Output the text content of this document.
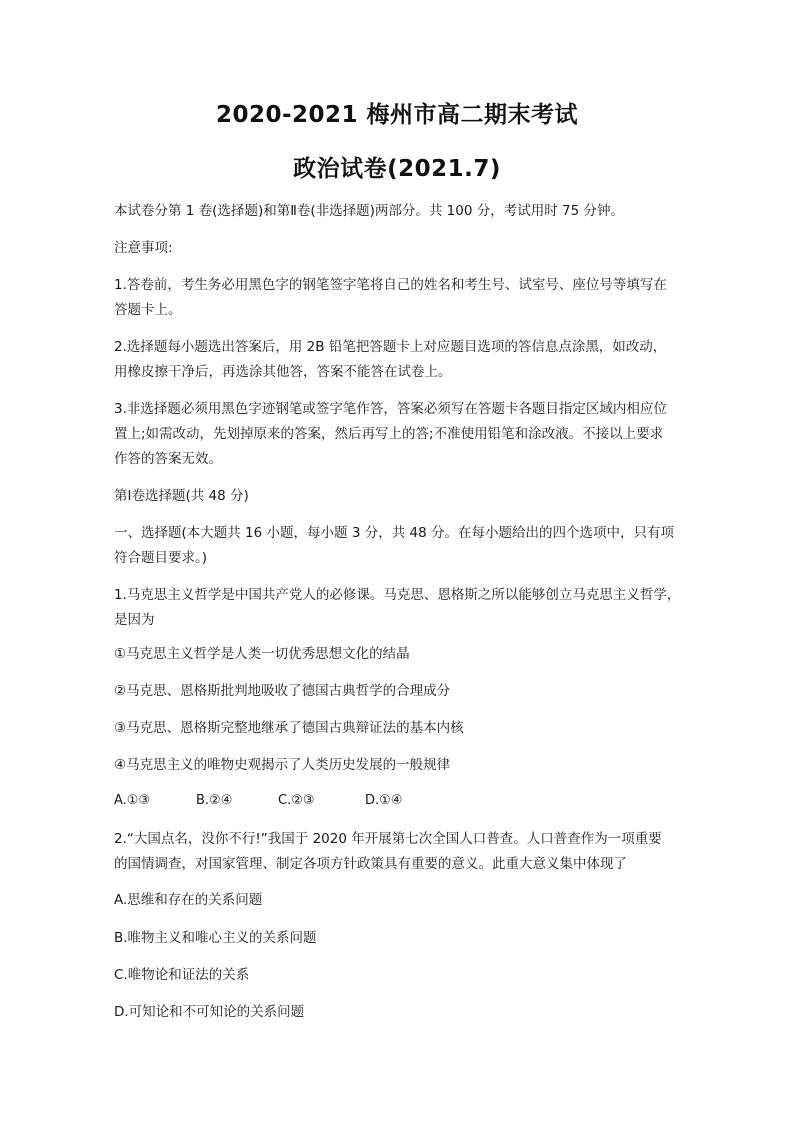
2020-2021 梅州市高二期末考试
政治试卷(2021.7)
本试卷分第 1 卷(选择题)和第Ⅱ卷(非选择题)两部分。共 100 分，考试用时 75 分钟。
注意事项:
1.答卷前，考生务必用黑色字的钢笔签字笔将自己的姓名和考生号、试室号、座位号等填写在
答题卡上。
2.选择题每小题选出答案后，用 2B 铅笔把答题卡上对应题目选项的答信息点涂黑，如改动，
用橡皮擦干净后，再选涂其他答，答案不能答在试卷上。
3.非选择题必须用黑色字迹钢笔或签字笔作答，答案必须写在答题卡各题目指定区域内相应位
置上;如需改动，先划掉原来的答案，然后再写上的答;不准使用铅笔和涂改液。不接以上要求
作答的答案无效。
第Ⅰ卷选择题(共 48 分)
一、选择题(本大题共 16 小题，每小题 3 分，共 48 分。在每小题给出的四个选项中，只有项
符合题目要求。)
1.马克思主义哲学是中国共产党人的必修课。马克思、恩格斯之所以能够创立马克思主义哲学，
是因为
①马克思主义哲学是人类一切优秀思想文化的结晶
②马克思、恩格斯批判地吸收了德国古典哲学的合理成分
③马克思、恩格斯完整地继承了德国古典辩证法的基本内核
④马克思主义的唯物史观揭示了人类历史发展的一般规律
A.①③	B.②④	C.②③	D.①④
2.“大国点名，没你不行!”我国于 2020 年开展第七次全国人口普查。人口普查作为一项重要
的国情调查，对国家管理、制定各项方针政策具有重要的意义。此重大意义集中体现了
A.思维和存在的关系问题
B.唯物主义和唯心主义的关系问题
C.唯物论和证法的关系
D.可知论和不可知论的关系问题
